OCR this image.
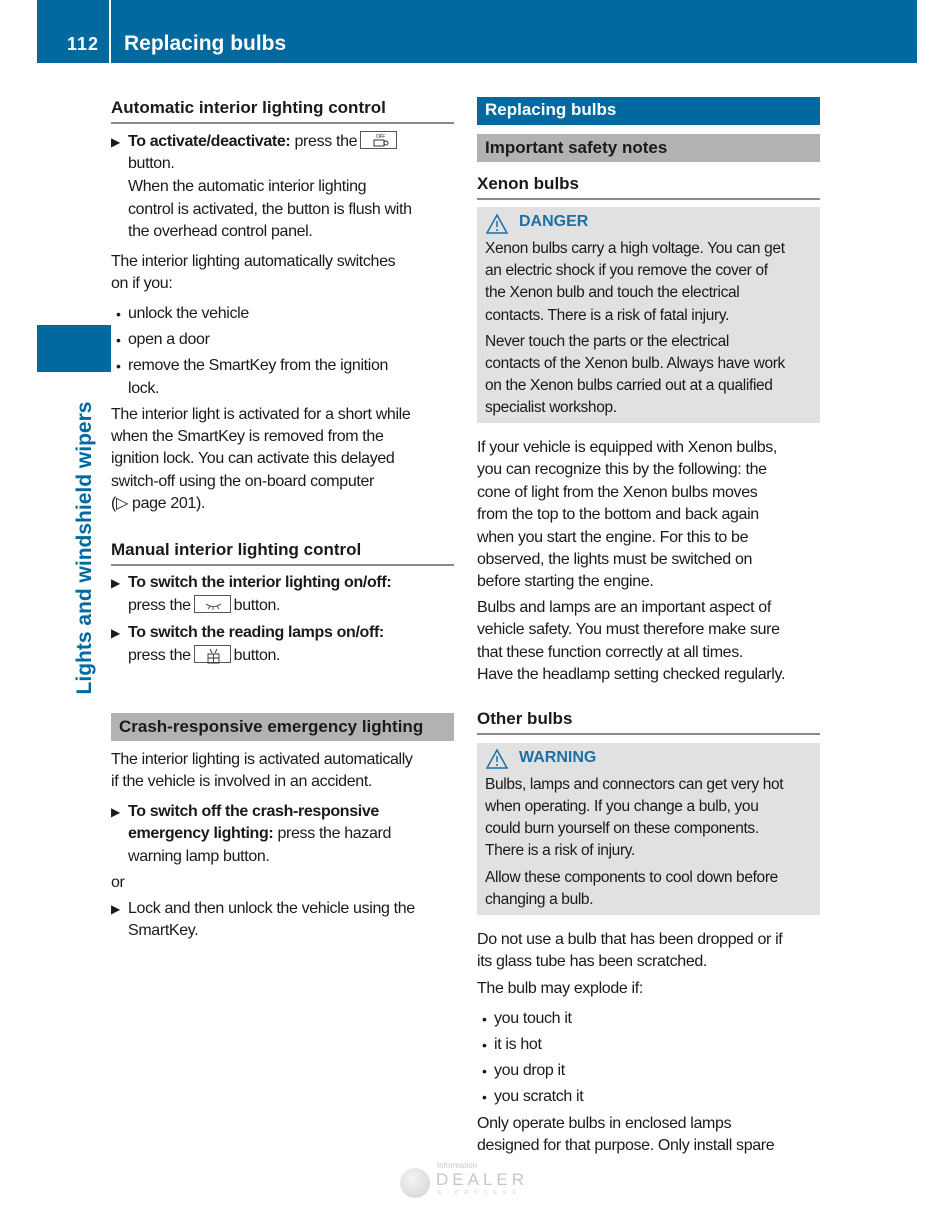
112 Replacing bulbs
Lights and windshield wipers
Automatic interior lighting control
▶ To activate/deactivate: press the	OFF
button.
When the automatic interior lighting
control is activated, the button is flush with
the overhead control panel.
The interior lighting automatically switches
on if you:
• unlock the vehicle
• open a door
• remove the SmartKey from the ignition
lock.
The interior light is activated for a short while
when the SmartKey is removed from the
ignition lock. You can activate this delayed
switch-off using the on-board computer
(▷ page 201).
Manual interior lighting control
▶ To switch the interior lighting on/off:
press the	button.
▶ To switch the reading lamps on/off:
press the	button.
Crash-responsive emergency lighting
The interior lighting is activated automatically
if the vehicle is involved in an accident.
▶ To switch off the crash-responsive
emergency lighting: press the hazard
warning lamp button.
or
▶ Lock and then unlock the vehicle using the
SmartKey.
Replacing bulbs
Important safety notes
Xenon bulbs
DANGER
Xenon bulbs carry a high voltage. You can get
an electric shock if you remove the cover of
the Xenon bulb and touch the electrical
contacts. There is a risk of fatal injury.
Never touch the parts or the electrical
contacts of the Xenon bulb. Always have work
on the Xenon bulbs carried out at a qualified
specialist workshop.
If your vehicle is equipped with Xenon bulbs,
you can recognize this by the following: the
cone of light from the Xenon bulbs moves
from the top to the bottom and back again
when you start the engine. For this to be
observed, the lights must be switched on
before starting the engine.
Bulbs and lamps are an important aspect of
vehicle safety. You must therefore make sure
that these function correctly at all times.
Have the headlamp setting checked regularly.
Other bulbs
WARNING
Bulbs, lamps and connectors can get very hot
when operating. If you change a bulb, you
could burn yourself on these components.
There is a risk of injury.
Allow these components to cool down before
changing a bulb.
Do not use a bulb that has been dropped or if
its glass tube has been scratched.
The bulb may explode if:
• you touch it
• it is hot
• you drop it
• you scratch it
Only operate bulbs in enclosed lamps
designed for that purpose. Only install spare
Information
DEALER
E-PROCESS
